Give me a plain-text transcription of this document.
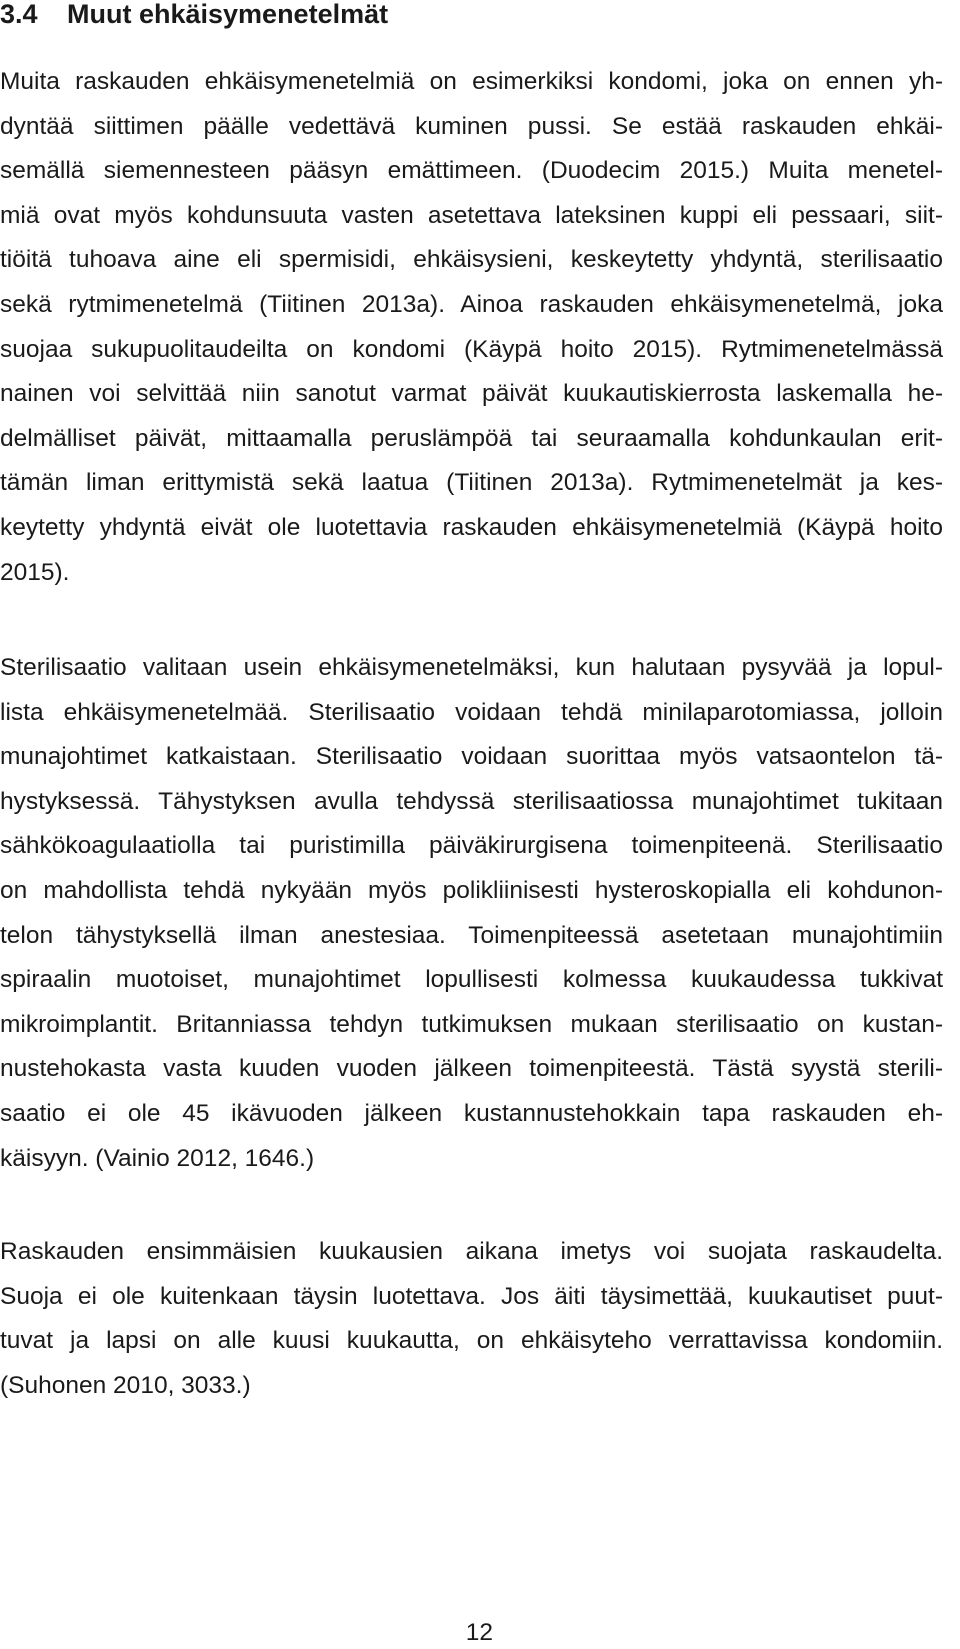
3.4 Muut ehkäisymenetelmät
Muita raskauden ehkäisymenetelmiä on esimerkiksi kondomi, joka on ennen yh-
dyntää siittimen päälle vedettävä kuminen pussi. Se estää raskauden ehkäi-
semällä siemennesteen pääsyn emättimeen. (Duodecim 2015.) Muita menetel-
miä ovat myös kohdunsuuta vasten asetettava lateksinen kuppi eli pessaari, siit-
tiöitä tuhoava aine eli spermisidi, ehkäisysieni, keskeytetty yhdyntä, sterilisaatio
sekä rytmimenetelmä (Tiitinen 2013a). Ainoa raskauden ehkäisymenetelmä, joka
suojaa sukupuolitaudeilta on kondomi (Käypä hoito 2015). Rytmimenetelmässä
nainen voi selvittää niin sanotut varmat päivät kuukautiskierrosta laskemalla he-
delmälliset päivät, mittaamalla peruslämpöä tai seuraamalla kohdunkaulan erit-
tämän liman erittymistä sekä laatua (Tiitinen 2013a). Rytmimenetelmät ja kes-
keytetty yhdyntä eivät ole luotettavia raskauden ehkäisymenetelmiä (Käypä hoito
2015).
Sterilisaatio valitaan usein ehkäisymenetelmäksi, kun halutaan pysyvää ja lopul-
lista ehkäisymenetelmää. Sterilisaatio voidaan tehdä minilaparotomiassa, jolloin
munajohtimet katkaistaan. Sterilisaatio voidaan suorittaa myös vatsaontelon tä-
hystyksessä. Tähystyksen avulla tehdyssä sterilisaatiossa munajohtimet tukitaan
sähkökoagulaatiolla tai puristimilla päiväkirurgisena toimenpiteenä. Sterilisaatio
on mahdollista tehdä nykyään myös polikliinisesti hysteroskopialla eli kohdunon-
telon tähystyksellä ilman anestesiaa. Toimenpiteessä asetetaan munajohtimiin
spiraalin muotoiset, munajohtimet lopullisesti kolmessa kuukaudessa tukkivat
mikroimplantit. Britanniassa tehdyn tutkimuksen mukaan sterilisaatio on kustan-
nustehokasta vasta kuuden vuoden jälkeen toimenpiteestä. Tästä syystä sterili-
saatio ei ole 45 ikävuoden jälkeen kustannustehokkain tapa raskauden eh-
käisyyn. (Vainio 2012, 1646.)
Raskauden ensimmäisien kuukausien aikana imetys voi suojata raskaudelta.
Suoja ei ole kuitenkaan täysin luotettava. Jos äiti täysimettää, kuukautiset puut-
tuvat ja lapsi on alle kuusi kuukautta, on ehkäisyteho verrattavissa kondomiin.
(Suhonen 2010, 3033.)
12
